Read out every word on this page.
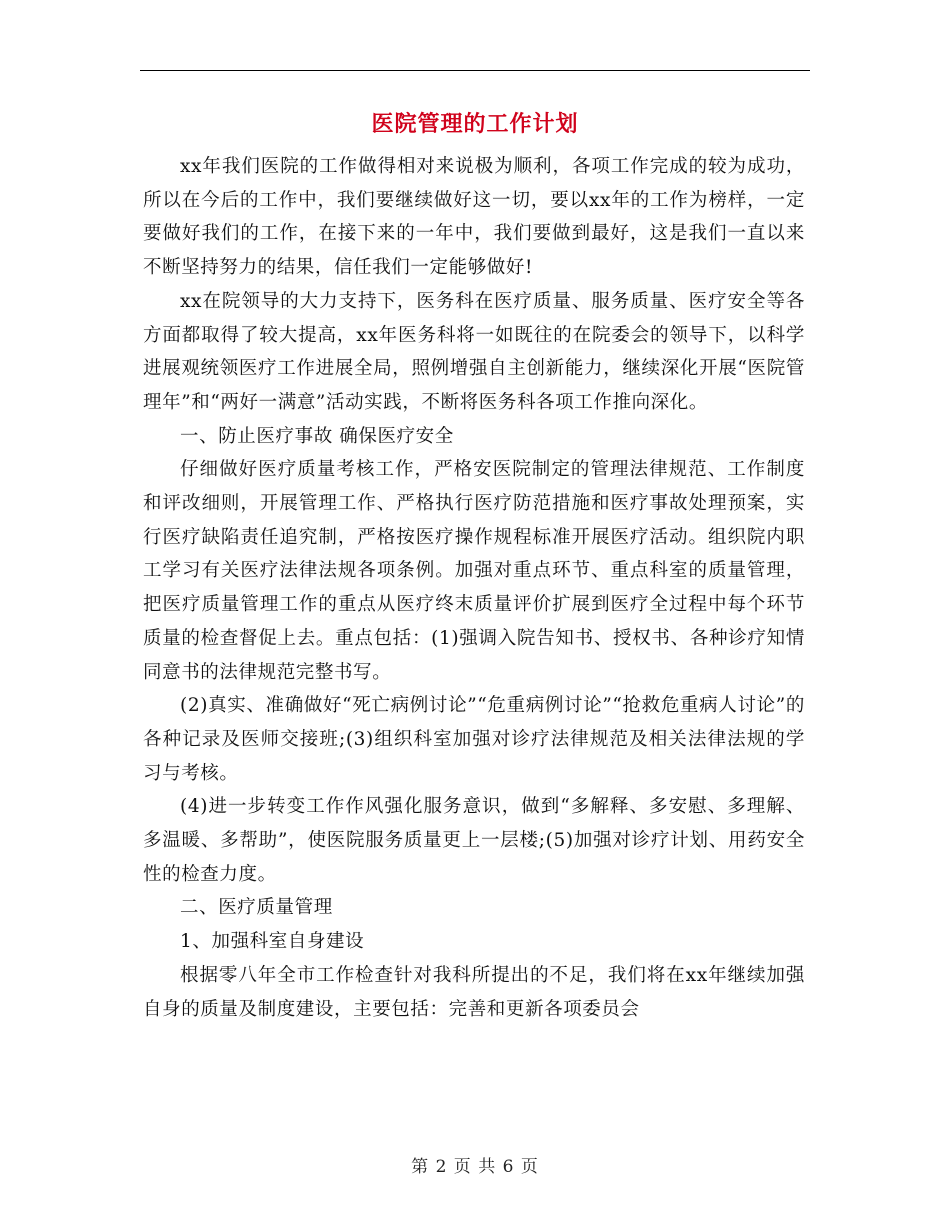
医院管理的工作计划

xx年我们医院的工作做得相对来说极为顺利，各项工作完成的较为成功，所以在今后的工作中，我们要继续做好这一切，要以xx年的工作为榜样，一定要做好我们的工作，在接下来的一年中，我们要做到最好，这是我们一直以来不断坚持努力的结果，信任我们一定能够做好!

xx在院领导的大力支持下，医务科在医疗质量、服务质量、医疗安全等各方面都取得了较大提高，xx年医务科将一如既往的在院委会的领导下，以科学进展观统领医疗工作进展全局，照例增强自主创新能力，继续深化开展“医院管理年”和“两好一满意”活动实践，不断将医务科各项工作推向深化。

一、防止医疗事故 确保医疗安全

仔细做好医疗质量考核工作，严格安医院制定的管理法律规范、工作制度和评改细则，开展管理工作、严格执行医疗防范措施和医疗事故处理预案，实行医疗缺陷责任追究制，严格按医疗操作规程标准开展医疗活动。组织院内职工学习有关医疗法律法规各项条例。加强对重点环节、重点科室的质量管理，把医疗质量管理工作的重点从医疗终末质量评价扩展到医疗全过程中每个环节质量的检查督促上去。重点包括：(1)强调入院告知书、授权书、各种诊疗知情同意书的法律规范完整书写。

(2)真实、准确做好“死亡病例讨论”“危重病例讨论”“抢救危重病人讨论”的各种记录及医师交接班;(3)组织科室加强对诊疗法律规范及相关法律法规的学习与考核。

(4)进一步转变工作作风强化服务意识，做到“多解释、多安慰、多理解、多温暖、多帮助”，使医院服务质量更上一层楼;(5)加强对诊疗计划、用药安全性的检查力度。

二、医疗质量管理

1、加强科室自身建设

根据零八年全市工作检查针对我科所提出的不足，我们将在xx年继续加强自身的质量及制度建设，主要包括：完善和更新各项委员会

第 2 页 共 6 页
